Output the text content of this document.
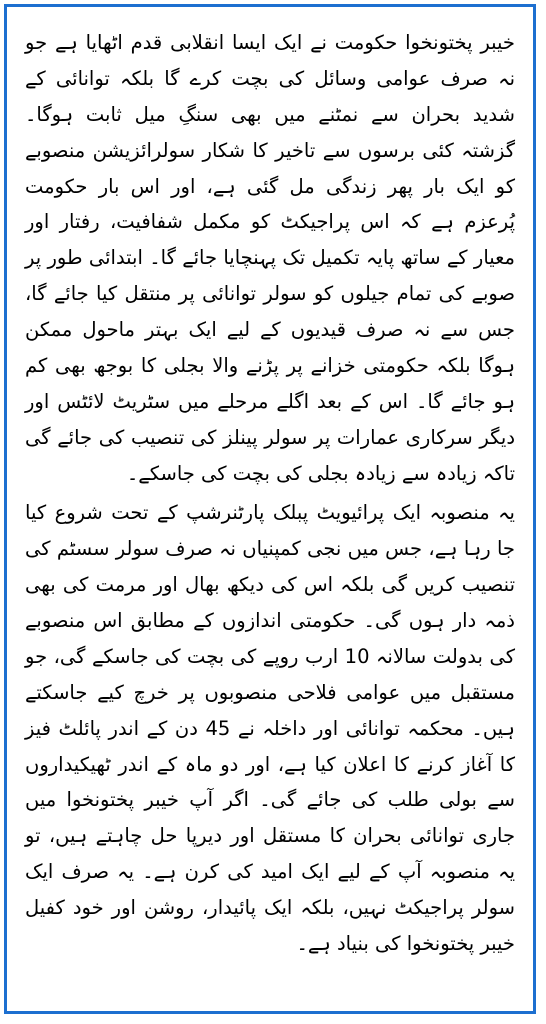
خیبر پختونخوا حکومت نے ایک ایسا انقلابی قدم اٹھایا ہے جو نہ صرف عوامی وسائل کی بچت کرے گا بلکہ توانائی کے شدید بحران سے نمٹنے میں بھی سنگِ میل ثابت ہوگا۔ گزشتہ کئی برسوں سے تاخیر کا شکار سولرائزیشن منصوبے کو ایک بار پھر زندگی مل گئی ہے، اور اس بار حکومت پُرعزم ہے کہ اس پراجیکٹ کو مکمل شفافیت، رفتار اور معیار کے ساتھ پایہ تکمیل تک پہنچایا جائے گا۔ ابتدائی طور پر صوبے کی تمام جیلوں کو سولر توانائی پر منتقل کیا جائے گا، جس سے نہ صرف قیدیوں کے لیے ایک بہتر ماحول ممکن ہوگا بلکہ حکومتی خزانے پر پڑنے والا بجلی کا بوجھ بھی کم ہو جائے گا۔ اس کے بعد اگلے مرحلے میں سٹریٹ لائٹس اور دیگر سرکاری عمارات پر سولر پینلز کی تنصیب کی جائے گی تاکہ زیادہ سے زیادہ بجلی کی بچت کی جاسکے۔

یہ منصوبہ ایک پرائیویٹ پبلک پارٹنرشپ کے تحت شروع کیا جا رہا ہے، جس میں نجی کمپنیاں نہ صرف سولر سسٹم کی تنصیب کریں گی بلکہ اس کی دیکھ بھال اور مرمت کی بھی ذمہ دار ہوں گی۔ حکومتی اندازوں کے مطابق اس منصوبے کی بدولت سالانہ 10 ارب روپے کی بچت کی جاسکے گی، جو مستقبل میں عوامی فلاحی منصوبوں پر خرچ کیے جاسکتے ہیں۔ محکمہ توانائی اور داخلہ نے 45 دن کے اندر پائلٹ فیز کا آغاز کرنے کا اعلان کیا ہے، اور دو ماہ کے اندر ٹھیکیداروں سے بولی طلب کی جائے گی۔ اگر آپ خیبر پختونخوا میں جاری توانائی بحران کا مستقل اور دیرپا حل چاہتے ہیں، تو یہ منصوبہ آپ کے لیے ایک امید کی کرن ہے۔ یہ صرف ایک سولر پراجیکٹ نہیں، بلکہ ایک پائیدار، روشن اور خود کفیل خیبر پختونخوا کی بنیاد ہے۔
